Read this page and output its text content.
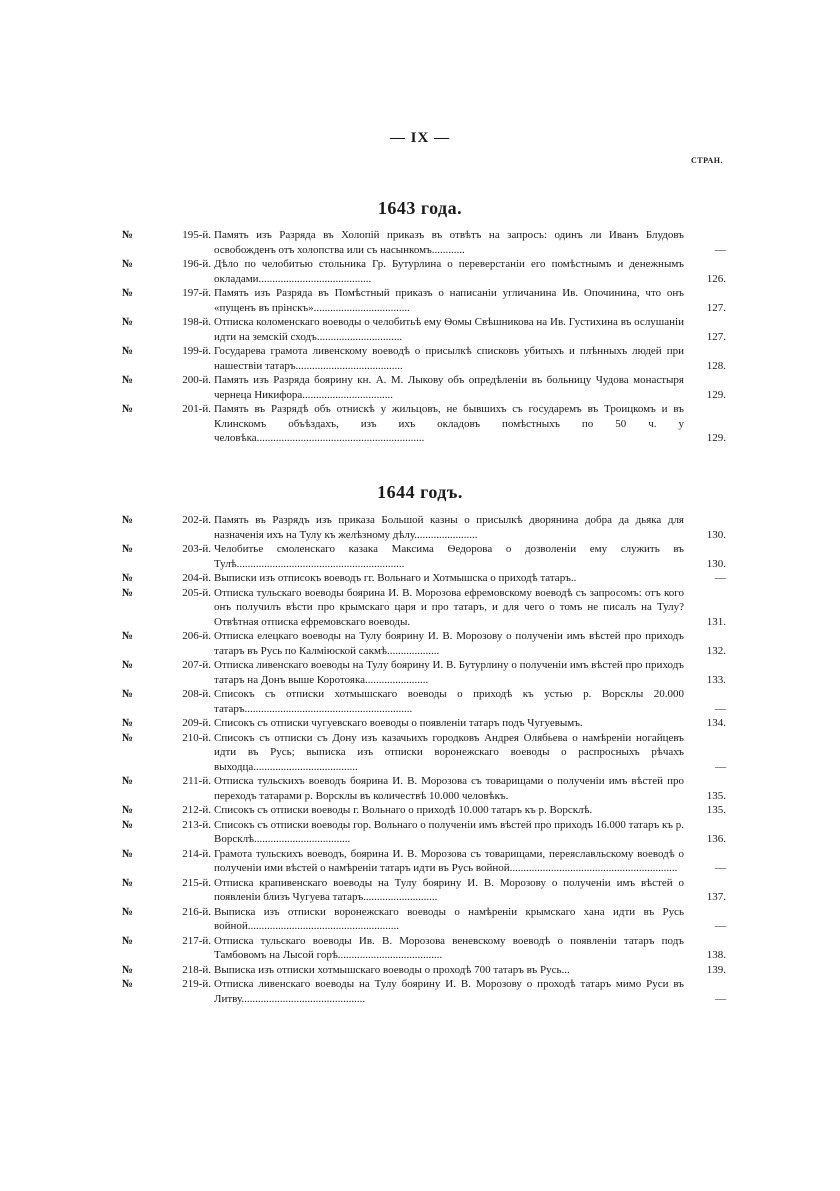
— IX —
СТРАН.
1643 года.
№	195-й. Память изъ Разряда въ Холопій приказъ въ отвѣтъ на запросъ: одинъ ли Иванъ Блудовъ освобожденъ отъ холопства или съ насынкомъ............	—
№	196-й. Дѣло по челобитью стольника Гр. Бутурлина о переверстаніи его помѣстнымъ и денежнымъ окладами.........................................	126.
№	197-й. Память изъ Разряда въ Помѣстный приказъ о написаніи угличанина Ив. Опочинина, что онъ «пущенъ въ прінскъ»...................................	127.
№	198-й. Отписка коломенскаго воеводы о челобитьѣ ему Ѳомы Свѣшникова на Ив. Густихина въ ослушаніи идти на земскій сходъ...............................	127.
№	199-й. Государева грамота ливенскому воеводѣ о присылкѣ списковъ убитыхъ и плѣнныхъ людей при нашествіи татаръ.......................................	128.
№	200-й. Память изъ Разряда боярину кн. А. М. Лыкову объ опредѣленіи въ больницу Чудова монастыря чернеца Никифора.................................	129.
№	201-й. Память въ Разрядѣ объ отнискѣ у жильцовъ, не бывшихъ съ государемъ въ Троицкомъ и въ Клинскомъ объѣздахъ, изъ ихъ окладовъ помѣстныхъ по 50 ч. у человѣка.............................................................	129.
1644 годъ.
№	202-й. Память въ Разрядъ изъ приказа Большой казны о присылкѣ дворянина добра да дьяка для назначенія ихъ на Тулу къ желѣзному дѣлу.......................	130.
№	203-й. Челобитье смоленскаго казака Максима Ѳедорова о дозволеніи ему служить въ Тулѣ.............................................................	130.
№	204-й. Выписки изъ отписокъ воеводъ гг. Вольнаго и Хотмышска о приходѣ татаръ..	—
№	205-й. Отписка тульскаго воеводы боярина И. В. Морозова ефремовскому воеводѣ съ запросомъ: отъ кого онъ получилъ вѣсти про крымскаго царя и про татаръ, и для чего о томъ не писалъ на Тулу? Отвѣтная отписка ефремовскаго воеводы.	131.
№	206-й. Отписка елецкаго воеводы на Тулу боярину И. В. Морозову о полученіи имъ вѣстей про приходъ татаръ въ Русь по Калміюской сакмѣ...................	132.
№	207-й. Отписка ливенскаго воеводы на Тулу боярину И. В. Бутурлину о полученіи имъ вѣстей про приходъ татаръ на Донъ выше Коротояка.......................	133.
№	208-й. Списокъ съ отписки хотмышскаго воеводы о приходѣ къ устью р. Ворсклы 20.000 татаръ.............................................................	—
№	209-й. Списокъ съ отписки чугуевскаго воеводы о появленіи татаръ подъ Чугуевымъ.	134.
№	210-й. Списокъ съ отписки съ Дону изъ казачьихъ городковъ Андрея Олябьева о намѣреніи ногайцевъ идти въ Русь; выписка изъ отписки воронежскаго воеводы о распросныхъ рѣчахъ выходца......................................	—
№	211-й. Отписка тульскихъ воеводъ боярина И. В. Морозова съ товарищами о полученіи имъ вѣстей про переходъ татарами р. Ворсклы въ количествѣ 10.000 человѣкъ.	135.
№	212-й. Списокъ съ отписки воеводы г. Вольнаго о приходѣ 10.000 татаръ къ р. Ворсклѣ.	135.
№	213-й. Списокъ съ отписки воеводы гор. Вольнаго о полученіи имъ вѣстей про приходъ 16.000 татаръ къ р. Ворсклѣ...................................	136.
№	214-й. Грамота тульскихъ воеводъ, боярина И. В. Морозова съ товарищами, переяславльскому воеводѣ о полученіи ими вѣстей о намѣреніи татаръ идти въ Русь войной.............................................................	—
№	215-й. Отписка крапивенскаго воеводы на Тулу боярину И. В. Морозову о полученіи имъ вѣстей о появленіи близъ Чугуева татаръ...........................	137.
№	216-й. Выписка изъ отписки воронежскаго воеводы о намѣреніи крымскаго хана идти въ Русь войной.......................................................	—
№	217-й. Отписка тульскаго воеводы Ив. В. Морозова веневскому воеводѣ о появленіи татаръ подъ Тамбовомъ на Лысой горѣ......................................	138.
№	218-й. Выписка изъ отписки хотмышскаго воеводы о проходѣ 700 татаръ въ Русь...	139.
№	219-й. Отписка ливенскаго воеводы на Тулу боярину И. В. Морозову о проходѣ татаръ мимо Руси въ Литву.............................................	—
